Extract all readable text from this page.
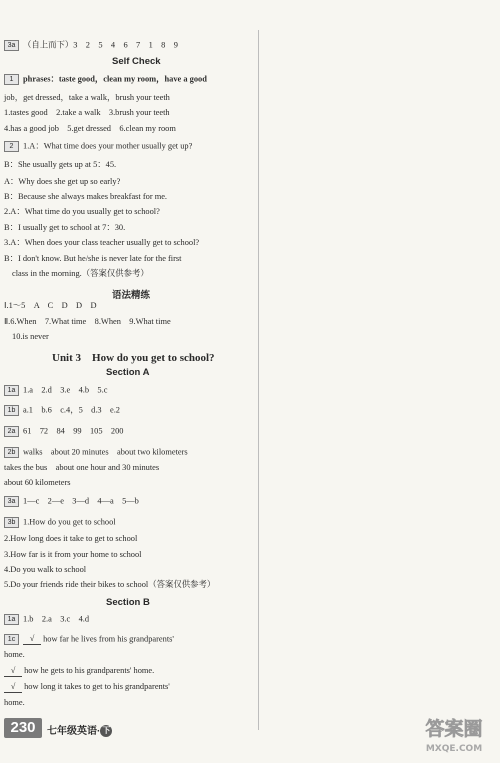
3a （自上而下）3　2　5　4　6　7　1　8　9
Self Check
1 phrases：taste good，clean my room，have a good
job，get dressed，take a walk，brush your teeth
1.tastes good　2.take a walk　3.brush your teeth
4.has a good job　5.get dressed　6.clean my room
2 1.A：What time does your mother usually get up?
B：She usually gets up at 5：45.
A：Why does she get up so early?
B：Because she always makes breakfast for me.
2.A：What time do you usually get to school?
B：I usually get to school at 7：30.
3.A：When does your class teacher usually get to school?
B：I don't know. But he/she is never late for the first
class in the morning.（答案仅供参考）
语法精练
Ⅰ.1～5　A　C　D　D　D
Ⅱ.6.When　7.What time　8.When　9.What time
10.is never
Unit 3　How do you get to school?
Section A
1a 1.a　2.d　3.e　4.b　5.c
1b a.1　b.6　c.4，5　d.3　e.2
2a 61　72　84　99　105　200
2b walks　about 20 minutes　about two kilometers
takes the bus　about one hour and 30 minutes
about 60 kilometers
3a 1—c　2—e　3—d　4—a　5—b
3b 1.How do you get to school
2.How long does it take to get to school
3.How far is it from your home to school
4.Do you walk to school
5.Do your friends ride their bikes to school（答案仅供参考）
Section B
1a 1.b　2.a　3.c　4.d
1c √ how far he lives from his grandparents'
home.
√ how he gets to his grandparents' home.
√ how long it takes to get to his grandparents'
home.
230	七年级英语· 下	答案圈
MXQE.COM
